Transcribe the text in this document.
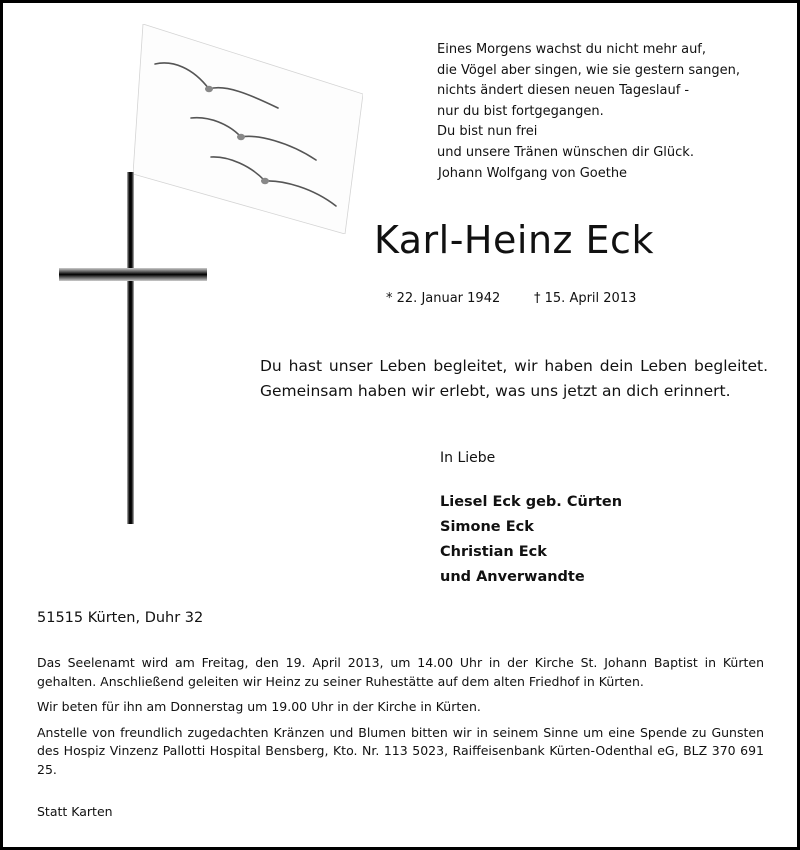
Eines Morgens wachst du nicht mehr auf,
die Vögel aber singen, wie sie gestern sangen,
nichts ändert diesen neuen Tageslauf -
nur du bist fortgegangen.
Du bist nun frei
und unsere Tränen wünschen dir Glück.
Johann Wolfgang von Goethe
Karl-Heinz Eck
* 22. Januar 1942	† 15. April 2013
Du hast unser Leben begleitet, wir haben dein Leben begleitet.
Gemeinsam haben wir erlebt, was uns jetzt an dich erinnert.
In Liebe
Liesel Eck geb. Cürten
Simone Eck
Christian Eck
und Anverwandte
51515 Kürten, Duhr 32

Das Seelenamt wird am Freitag, den 19. April 2013, um 14.00 Uhr in der Kirche St. Johann Baptist in Kürten gehalten. Anschließend geleiten wir Heinz zu seiner Ruhestätte auf dem alten Friedhof in Kürten.

Wir beten für ihn am Donnerstag um 19.00 Uhr in der Kirche in Kürten.

Anstelle von freundlich zugedachten Kränzen und Blumen bitten wir in seinem Sinne um eine Spende zu Gunsten des Hospiz Vinzenz Pallotti Hospital Bensberg, Kto. Nr. 113 5023, Raiffeisenbank Kürten-Odenthal eG, BLZ 370 691 25.

Statt Karten
